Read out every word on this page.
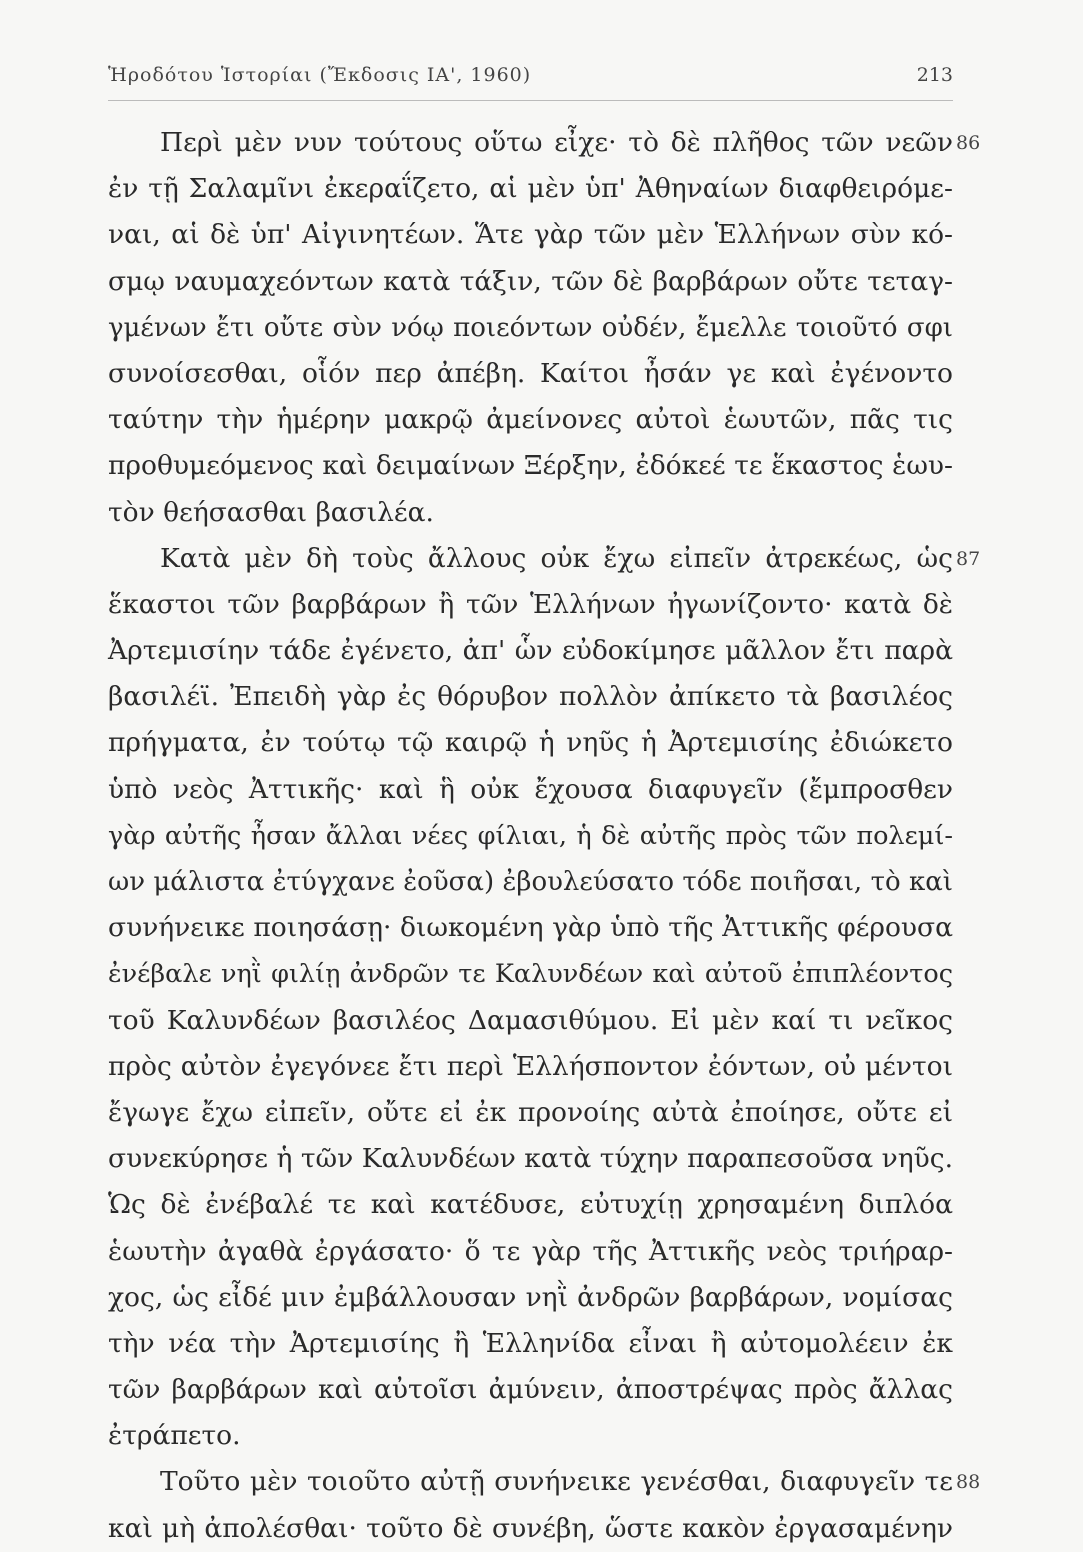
Ἡροδότου Ἱστορίαι (Ἔκδοσις ΙΑ', 1960)	213
Περὶ μὲν νυν τούτους οὕτω εἶχε· τὸ δὲ πλῆθος τῶν νεῶν 86
ἐν τῇ Σαλαμῖνι ἐκεραΐζετο, αἱ μὲν ὑπ' Ἀθηναίων διαφθειρόμε-
ναι, αἱ δὲ ὑπ' Αἰγινητέων. Ἅτε γὰρ τῶν μὲν Ἑλλήνων σὺν κό-
σμῳ ναυμαχεόντων κατὰ τάξιν, τῶν δὲ βαρβάρων οὔτε τεταγ-
γμένων ἔτι οὔτε σὺν νόῳ ποιεόντων οὐδέν, ἔμελλε τοιοῦτό σφι
συνοίσεσθαι, οἷόν περ ἀπέβη. Καίτοι ἦσάν γε καὶ ἐγένοντο
ταύτην τὴν ἡμέρην μακρῷ ἀμείνονες αὐτοὶ ἑωυτῶν, πᾶς τις
προθυμεόμενος καὶ δειμαίνων Ξέρξην, ἐδόκεέ τε ἕκαστος ἑωυ-
τὸν θεήσασθαι βασιλέα.
Κατὰ μὲν δὴ τοὺς ἄλλους οὐκ ἔχω εἰπεῖν ἀτρεκέως, ὡς 87
ἕκαστοι τῶν βαρβάρων ἢ τῶν Ἑλλήνων ἠγωνίζοντο· κατὰ δὲ
Ἀρτεμισίην τάδε ἐγένετο, ἀπ' ὧν εὐδοκίμησε μᾶλλον ἔτι παρὰ
βασιλέϊ. Ἐπειδὴ γὰρ ἐς θόρυβον πολλὸν ἀπίκετο τὰ βασιλέος
πρήγματα, ἐν τούτῳ τῷ καιρῷ ἡ νηῦς ἡ Ἀρτεμισίης ἐδιώκετο
ὑπὸ νεὸς Ἀττικῆς· καὶ ἣ οὐκ ἔχουσα διαφυγεῖν (ἔμπροσθεν
γὰρ αὐτῆς ἦσαν ἄλλαι νέες φίλιαι, ἡ δὲ αὐτῆς πρὸς τῶν πολεμί-
ων μάλιστα ἐτύγχανε ἐοῦσα) ἐβουλεύσατο τόδε ποιῆσαι, τὸ καὶ
συνήνεικε ποιησάσῃ· διωκομένη γὰρ ὑπὸ τῆς Ἀττικῆς φέρουσα
ἐνέβαλε νηῒ φιλίῃ ἀνδρῶν τε Καλυνδέων καὶ αὐτοῦ ἐπιπλέοντος
τοῦ Καλυνδέων βασιλέος Δαμασιθύμου. Εἰ μὲν καί τι νεῖκος
πρὸς αὐτὸν ἐγεγόνεε ἔτι περὶ Ἑλλήσποντον ἐόντων, οὐ μέντοι
ἔγωγε ἔχω εἰπεῖν, οὔτε εἰ ἐκ προνοίης αὐτὰ ἐποίησε, οὔτε εἰ
συνεκύρησε ἡ τῶν Καλυνδέων κατὰ τύχην παραπεσοῦσα νηῦς.
Ὡς δὲ ἐνέβαλέ τε καὶ κατέδυσε, εὐτυχίῃ χρησαμένη διπλόα
ἑωυτὴν ἀγαθὰ ἐργάσατο· ὅ τε γὰρ τῆς Ἀττικῆς νεὸς τριήραρ-
χος, ὡς εἶδέ μιν ἐμβάλλουσαν νηῒ ἀνδρῶν βαρβάρων, νομίσας
τὴν νέα τὴν Ἀρτεμισίης ἢ Ἑλληνίδα εἶναι ἢ αὐτομολέειν ἐκ
τῶν βαρβάρων καὶ αὐτοῖσι ἀμύνειν, ἀποστρέψας πρὸς ἄλλας
ἐτράπετο.
Τοῦτο μὲν τοιοῦτο αὐτῇ συνήνεικε γενέσθαι, διαφυγεῖν τε 88
καὶ μὴ ἀπολέσθαι· τοῦτο δὲ συνέβη, ὥστε κακὸν ἐργασαμένην
